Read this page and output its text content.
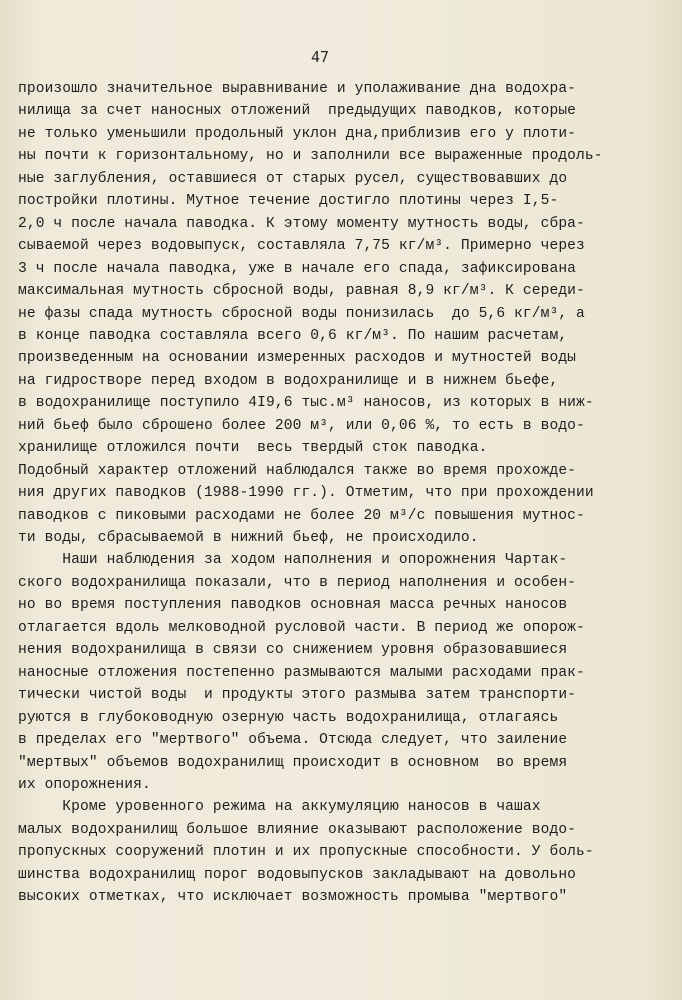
47
произошло значительное выравнивание и уполаживание дна водохра-
нилища за счет наносных отложений  предыдущих паводков, которые
не только уменьшили продольный уклон дна,приблизив его у плоти-
ны почти к горизонтальному, но и заполнили все выраженные продоль-
ные заглубления, оставшиеся от старых русел, существовавших до
постройки плотины. Мутное течение достигло плотины через I,5-
2,0 ч после начала паводка. К этому моменту мутность воды, сбра-
сываемой через водовыпуск, составляла 7,75 кг/м³. Примерно через
3 ч после начала паводка, уже в начале его спада, зафиксирована
максимальная мутность сбросной воды, равная 8,9 кг/м³. К середи-
не фазы спада мутность сбросной воды понизилась  до 5,6 кг/м³, а
в конце паводка составляла всего 0,6 кг/м³. По нашим расчетам,
произведенным на основании измеренных расходов и мутностей воды
на гидростворе перед входом в водохранилище и в нижнем бьефе,
в водохранилище поступило 4I9,6 тыс.м³ наносов, из которых в ниж-
ний бьеф было сброшено более 200 м³, или 0,06 %, то есть в водо-
хранилище отложился почти  весь твердый сток паводка.
Подобный характер отложений наблюдался также во время прохожде-
ния других паводков (1988-1990 гг.). Отметим, что при прохождении
паводков с пиковыми расходами не более 20 м³/с повышения мутнос-
ти воды, сбрасываемой в нижний бьеф, не происходило.
Наши наблюдения за ходом наполнения и опорожнения Чартак-
ского водохранилища показали, что в период наполнения и особен-
но во время поступления паводков основная масса речных наносов
отлагается вдоль мелководной русловой части. В период же опорож-
нения водохранилища в связи со снижением уровня образовавшиеся
наносные отложения постепенно размываются малыми расходами прак-
тически чистой воды  и продукты этого размыва затем транспорти-
руются в глубоководную озерную часть водохранилища, отлагаясь
в пределах его "мертвого" объема. Отсюда следует, что заиление
"мертвых" объемов водохранилищ происходит в основном  во время
их опорожнения.
Кроме уровенного режима на аккумуляцию наносов в чашах
малых водохранилищ большое влияние оказывают расположение водо-
пропускных сооружений плотин и их пропускные способности. У боль-
шинства водохранилищ порог водовыпусков закладывают на довольно
высоких отметках, что исключает возможность промыва "мертвого"
